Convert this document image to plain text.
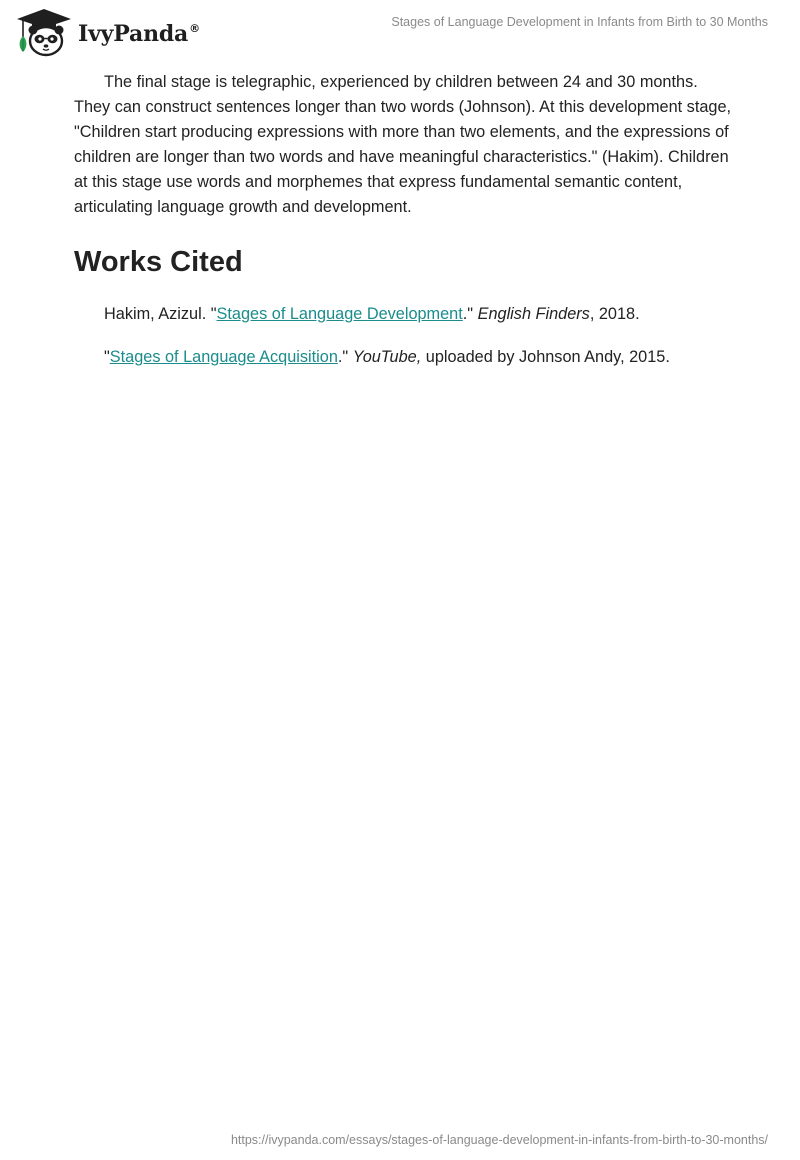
IvyPanda®	Stages of Language Development in Infants from Birth to 30 Months

The final stage is telegraphic, experienced by children between 24 and 30 months. They can construct sentences longer than two words (Johnson). At this development stage, "Children start producing expressions with more than two elements, and the expressions of children are longer than two words and have meaningful characteristics." (Hakim). Children at this stage use words and morphemes that express fundamental semantic content, articulating language growth and development.

Works Cited

Hakim, Azizul. "Stages of Language Development." English Finders, 2018.

"Stages of Language Acquisition." YouTube, uploaded by Johnson Andy, 2015.

https://ivypanda.com/essays/stages-of-language-development-in-infants-from-birth-to-30-months/
